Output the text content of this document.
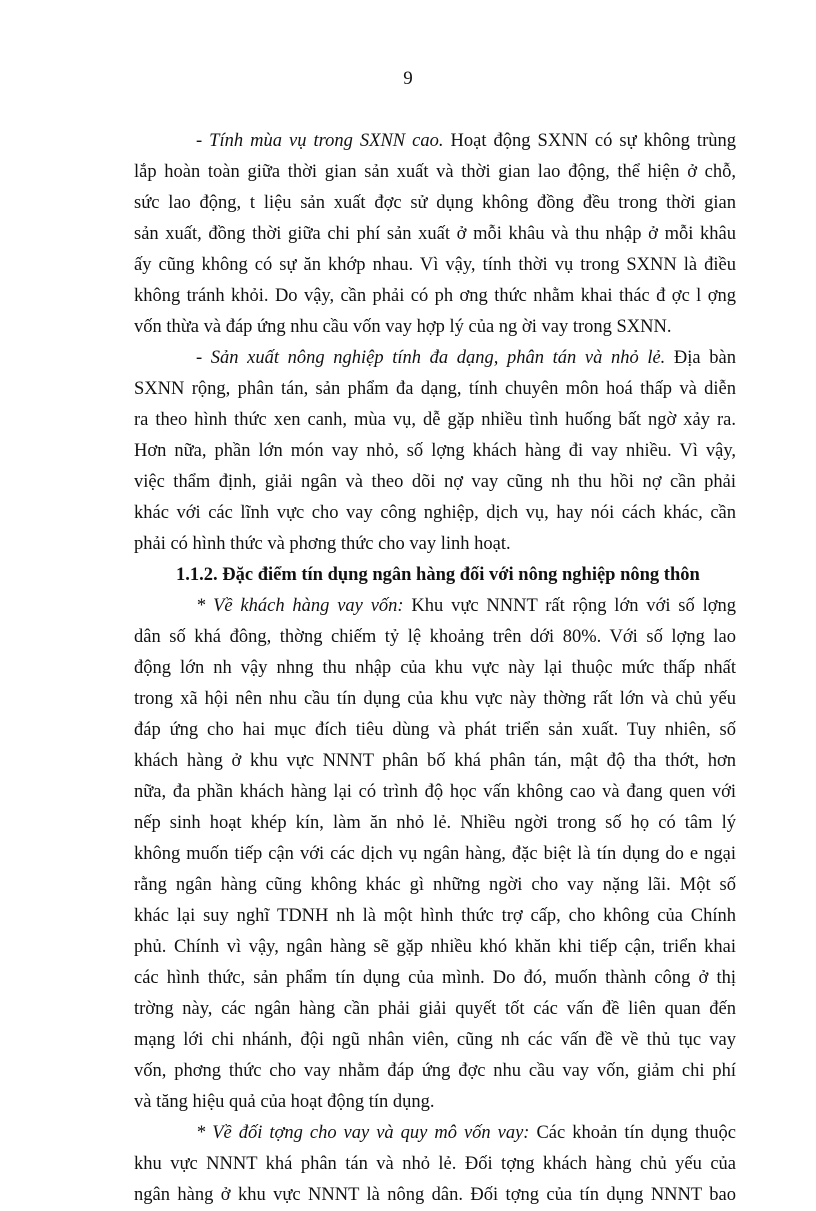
9
- Tính mùa vụ trong SXNN cao. Hoạt động SXNN có sự không trùng
lắp hoàn toàn giữa thời gian sản xuất và thời gian lao động, thể hiện ở chỗ,
sức lao động, t liệu sản xuất đợc sử dụng không đồng đều trong thời gian
sản xuất, đồng thời giữa chi phí sản xuất ở mỗi khâu và thu nhập ở mỗi khâu
ấy cũng không có sự ăn khớp nhau. Vì vậy, tính thời vụ trong SXNN là điều
không tránh khỏi. Do vậy, cần phải có ph ơng thức nhằm khai thác đ ợc l ợng
vốn thừa và đáp ứng nhu cầu vốn vay hợp lý của ng ời vay trong SXNN.
- Sản xuất nông nghiệp tính đa dạng, phân tán và nhỏ lẻ. Địa bàn
SXNN rộng, phân tán, sản phẩm đa dạng, tính chuyên môn hoá thấp và diễn
ra theo hình thức xen canh, mùa vụ, dễ gặp nhiều tình huống bất ngờ xảy ra.
Hơn nữa, phần lớn món vay nhỏ, số lợng khách hàng đi vay nhiều. Vì vậy,
việc thẩm định, giải ngân và theo dõi nợ vay cũng nh thu hồi nợ cần phải
khác với các lĩnh vực cho vay công nghiệp, dịch vụ, hay nói cách khác, cần
phải có hình thức và phơng thức cho vay linh hoạt.
1.1.2. Đặc điểm tín dụng ngân hàng đối với nông nghiệp nông thôn
* Về khách hàng vay vốn: Khu vực NNNT rất rộng lớn với số lợng
dân số khá đông, thờng chiếm tỷ lệ khoảng trên dới 80%. Với số lợng lao
động lớn nh vậy nhng thu nhập của khu vực này lại thuộc mức thấp nhất
trong xã hội nên nhu cầu tín dụng của khu vực này thờng rất lớn và chủ yếu
đáp ứng cho hai mục đích tiêu dùng và phát triển sản xuất. Tuy nhiên, số
khách hàng ở khu vực NNNT phân bố khá phân tán, mật độ tha thớt, hơn
nữa, đa phần khách hàng lại có trình độ học vấn không cao và đang quen với
nếp sinh hoạt khép kín, làm ăn nhỏ lẻ. Nhiều ngời trong số họ có tâm lý
không muốn tiếp cận với các dịch vụ ngân hàng, đặc biệt là tín dụng do e ngại
rằng ngân hàng cũng không khác gì những ngời cho vay nặng lãi. Một số
khác lại suy nghĩ TDNH nh là một hình thức trợ cấp, cho không của Chính
phủ. Chính vì vậy, ngân hàng sẽ gặp nhiều khó khăn khi tiếp cận, triển khai
các hình thức, sản phẩm tín dụng của mình. Do đó, muốn thành công ở thị
trờng này, các ngân hàng cần phải giải quyết tốt các vấn đề liên quan đến
mạng lới chi nhánh, đội ngũ nhân viên, cũng nh các vấn đề về thủ tục vay
vốn, phơng thức cho vay nhằm đáp ứng đợc nhu cầu vay vốn, giảm chi phí
và tăng hiệu quả của hoạt động tín dụng.
* Về đối tợng cho vay và quy mô vốn vay: Các khoản tín dụng thuộc
khu vực NNNT khá phân tán và nhỏ lẻ. Đối tợng khách hàng chủ yếu của
ngân hàng ở khu vực NNNT là nông dân. Đối tợng của tín dụng NNNT bao
